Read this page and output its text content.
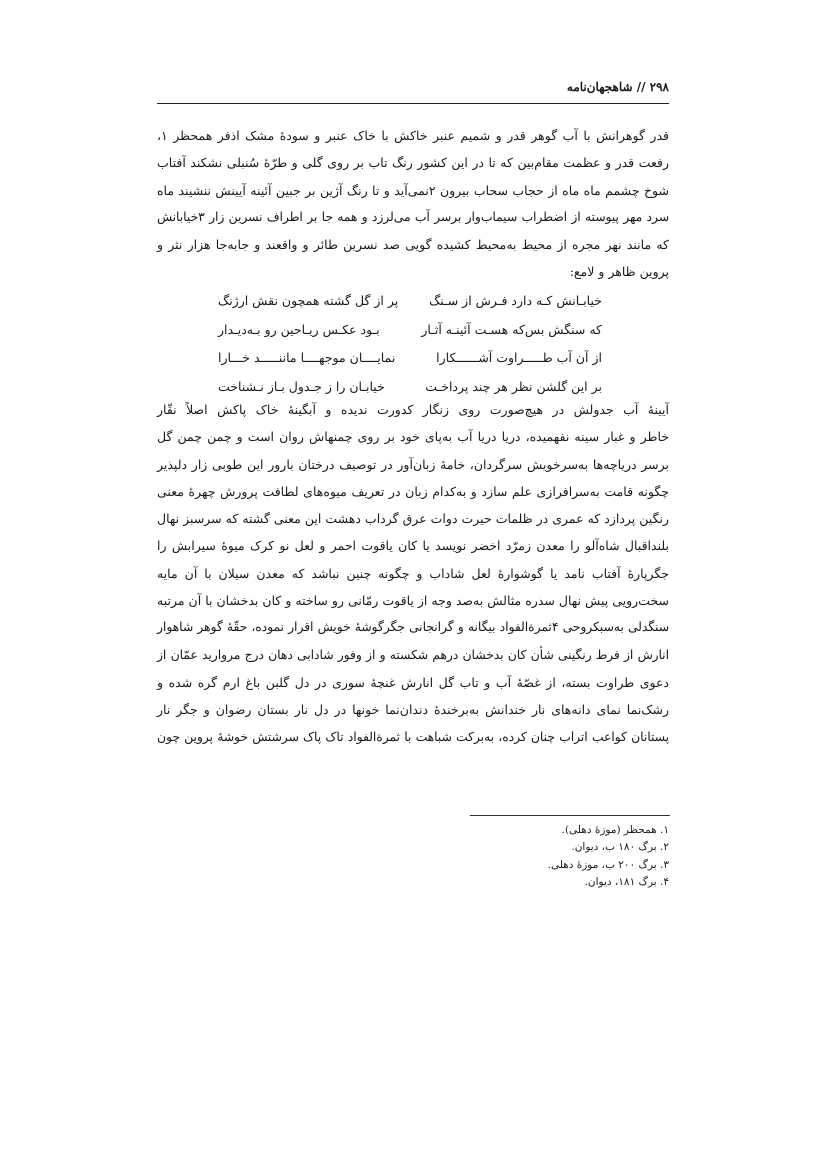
۲۹۸ // شاهجهان‌نامه
قدر گوهرانش با آب گوهر قدر و شمیم عنبر خاکش با خاک عنبر و سودهٔ مشک اذفر همحظر ۱،
رفعت قدر و عظمت مقام‌بین که تا در این کشور رنگ تاب بر روی گلی و طرّهٔ سُنبلی نشکند آفتاب
شوخ چشمم ماه ماه از حجاب سحاب بیرون ۲نمی‌آید و تا رنگ آژین بر جبین آئینه آیینش ننشیند ماه
سرد مهر پیوسته از اضطراب سیماب‌وار برسر آب می‌لرزد و همه جا بر اطراف نسرین زار ۳خیابانش
که مانند نهر مجره از محیط به‌محیط کشیده گویی صد نسرین طائر و واقعند و جابه‌جا هزار نثر و
پروین ظاهر و لامع:
خیابـانش کـه دارد فـرش از سـنگ
پر از گل گشته همچون نقش ارژنگ
که سنگش بس‌که هسـت آئینـه آثـار
بـود عکـس ریـاحین رو بـه‌دیـدار
از آن آب طـــــراوت آشــــــکارا
نمایــــان موجهــــا ماننـــــد خـــارا
بر این گلشن نظر هر چند پرداخـت
خیابـان را ز جـدول بـاز نـشناخت
آیینهٔ آب جدولش در هیچ‌صورت روی زنگار کدورت ندیده و آبگینهٔ خاک پاکش اصلاً نقّار
خاطر و غبار سینه نفهمیده، دریا دریا آب به‌پای خود بر روی چمنهاش روان است و چمن چمن گل
برسر دریاچه‌ها به‌سرخویش سرگردان، خامهٔ زبان‌آور در توصیف درختان بارور این طوبی زار دلپذیر
چگونه قامت به‌سرافرازی علم سازد و به‌کدام زبان در تعریف میوه‌های لطافت پرورش چهرهٔ معنی
رنگین پردازد که عمری در ظلمات حیرت دوات عرق گرداب دهشت این معنی گشته که سرسبز نهال
بلنداقبال شاه‌آلو را معدن زمرّد اخضر نویسد یا کان یاقوت احمر و لعل نو کرک میوهٔ سیرابش را
جگرپارهٔ آفتاب نامد یا گوشوارهٔ لعل شاداب و چگونه چنین نباشد که معدن سیلان با آن مایه
سخت‌رویی پیش نهال سدره مثالش به‌صد وجه از یاقوت رمّانی رو ساخته و کان بدخشان با آن مرتبه
سنگدلی به‌سبکروحی ۴ثمرةالفواد بیگانه و گرانجانی جگرگوشهٔ خویش اقرار نموده، حقّهٔ گوهر شاهوار
انارش از فرط رنگینی شأن کان بدخشان درهم شکسته و از وفور شادابی دهان درج مروارید عمّان از
دعوی طراوت بسته، از غصّهٔ آب و تاب گل انارش غنچهٔ سوری در دل گلبن باغ ارم گره شده و
رشک‌نما نمای دانه‌های نار خندانش به‌برخندهٔ دندان‌نما خونها در دل نار بستان رضوان و جگر نار
پستانان کواعب اتراب چنان کرده، به‌برکت شباهت با ثمرةالفواد تاک پاک سرشتش خوشهٔ پروین چون
۱. همحظر (موزهٔ دهلی).
۲. برگ ۱۸۰ ب، دیوان.
۳. برگ ۲۰۰ ب، موزهٔ دهلی.
۴. برگ ۱۸۱، دیوان.
